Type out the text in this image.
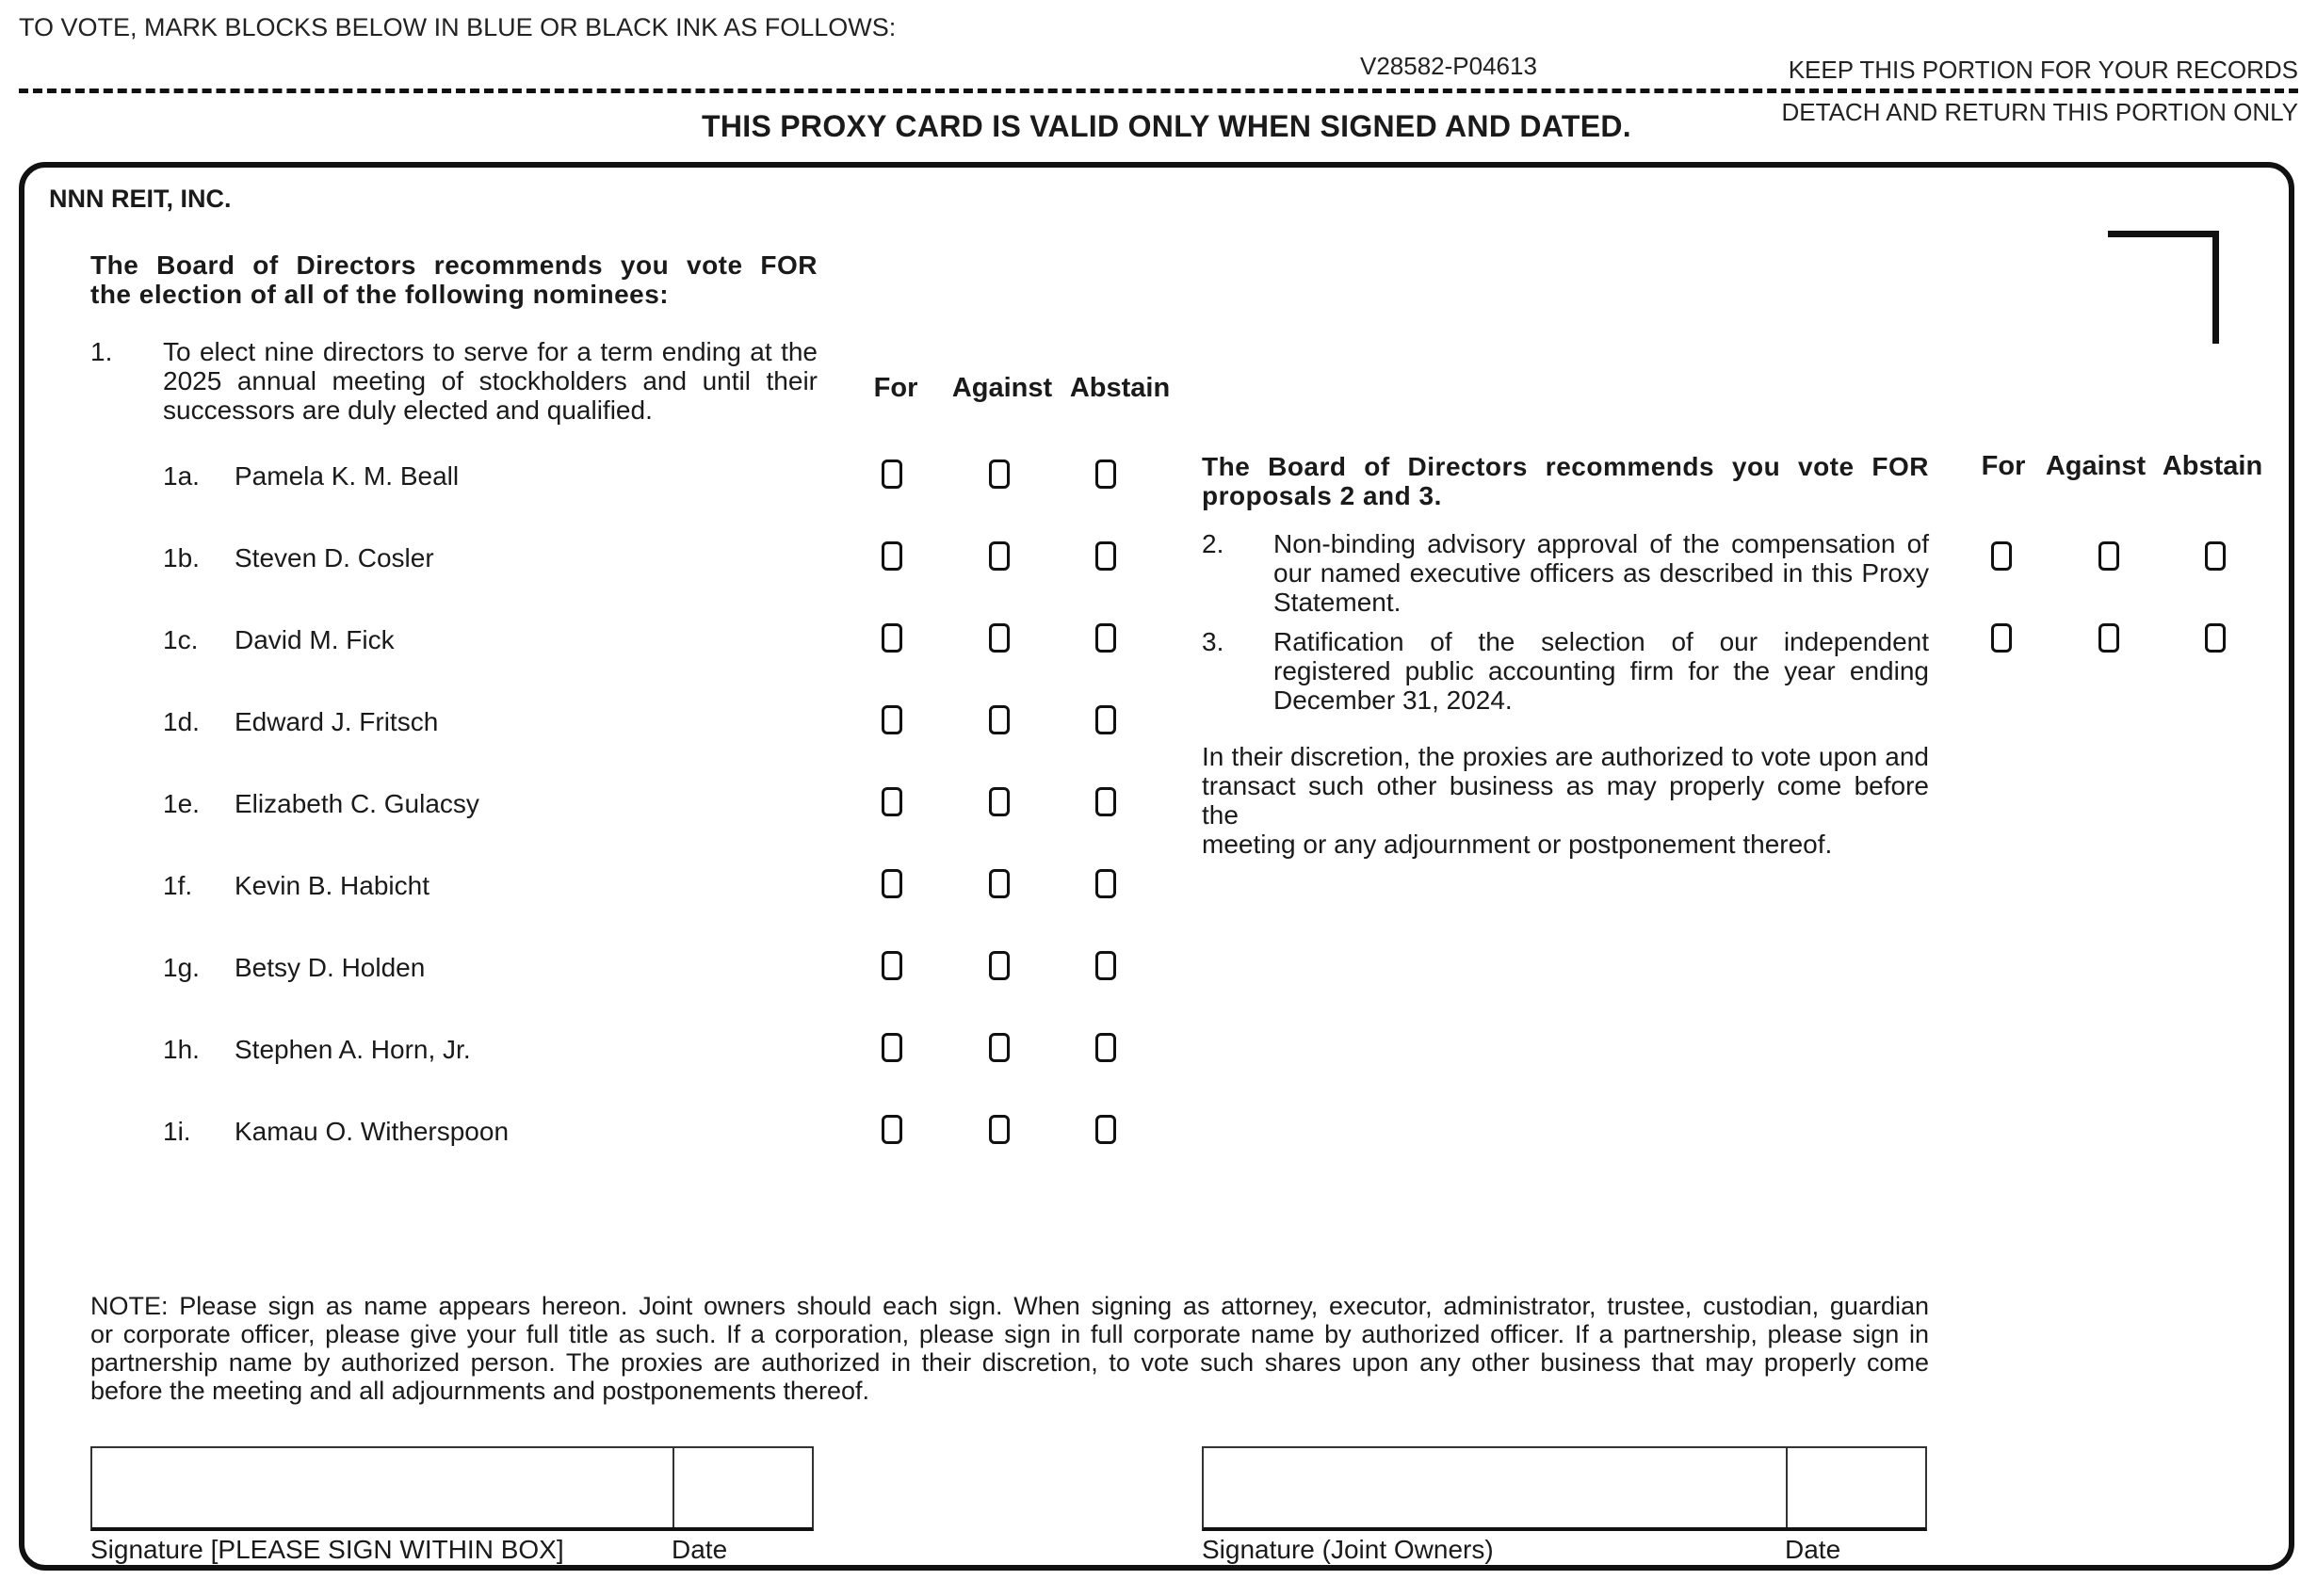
TO VOTE, MARK BLOCKS BELOW IN BLUE OR BLACK INK AS FOLLOWS:
V28582-P04613	KEEP THIS PORTION FOR YOUR RECORDS
DETACH AND RETURN THIS PORTION ONLY
THIS PROXY CARD IS VALID ONLY WHEN SIGNED AND DATED.
NNN REIT, INC.
The Board of Directors recommends you vote FOR
the election of all of the following nominees:
1. To elect nine directors to serve for a term ending at the
2025 annual meeting of stockholders and until their
successors are duly elected and qualified.
For	Against Abstain
1a. Pamela K. M. Beall
1b. Steven D. Cosler
1c. David M. Fick
1d. Edward J. Fritsch
1e. Elizabeth C. Gulacsy
1f. Kevin B. Habicht
1g. Betsy D. Holden
1h. Stephen A. Horn, Jr.
1i. Kamau O. Witherspoon
The Board of Directors recommends you vote FOR
proposals 2 and 3.
For Against Abstain
2. Non-binding advisory approval of the compensation of
our named executive officers as described in this Proxy
Statement.
3. Ratification of the selection of our independent
registered public accounting firm for the year ending
December 31, 2024.
In their discretion, the proxies are authorized to vote upon and
transact such other business as may properly come before the
meeting or any adjournment or postponement thereof.
NOTE: Please sign as name appears hereon. Joint owners should each sign. When signing as attorney, executor, administrator, trustee, custodian, guardian
or corporate officer, please give your full title as such. If a corporation, please sign in full corporate name by authorized officer. If a partnership, please sign in
partnership name by authorized person. The proxies are authorized in their discretion, to vote such shares upon any other business that may properly come
before the meeting and all adjournments and postponements thereof.
Signature [PLEASE SIGN WITHIN BOX]	Date	Signature (Joint Owners)	Date
